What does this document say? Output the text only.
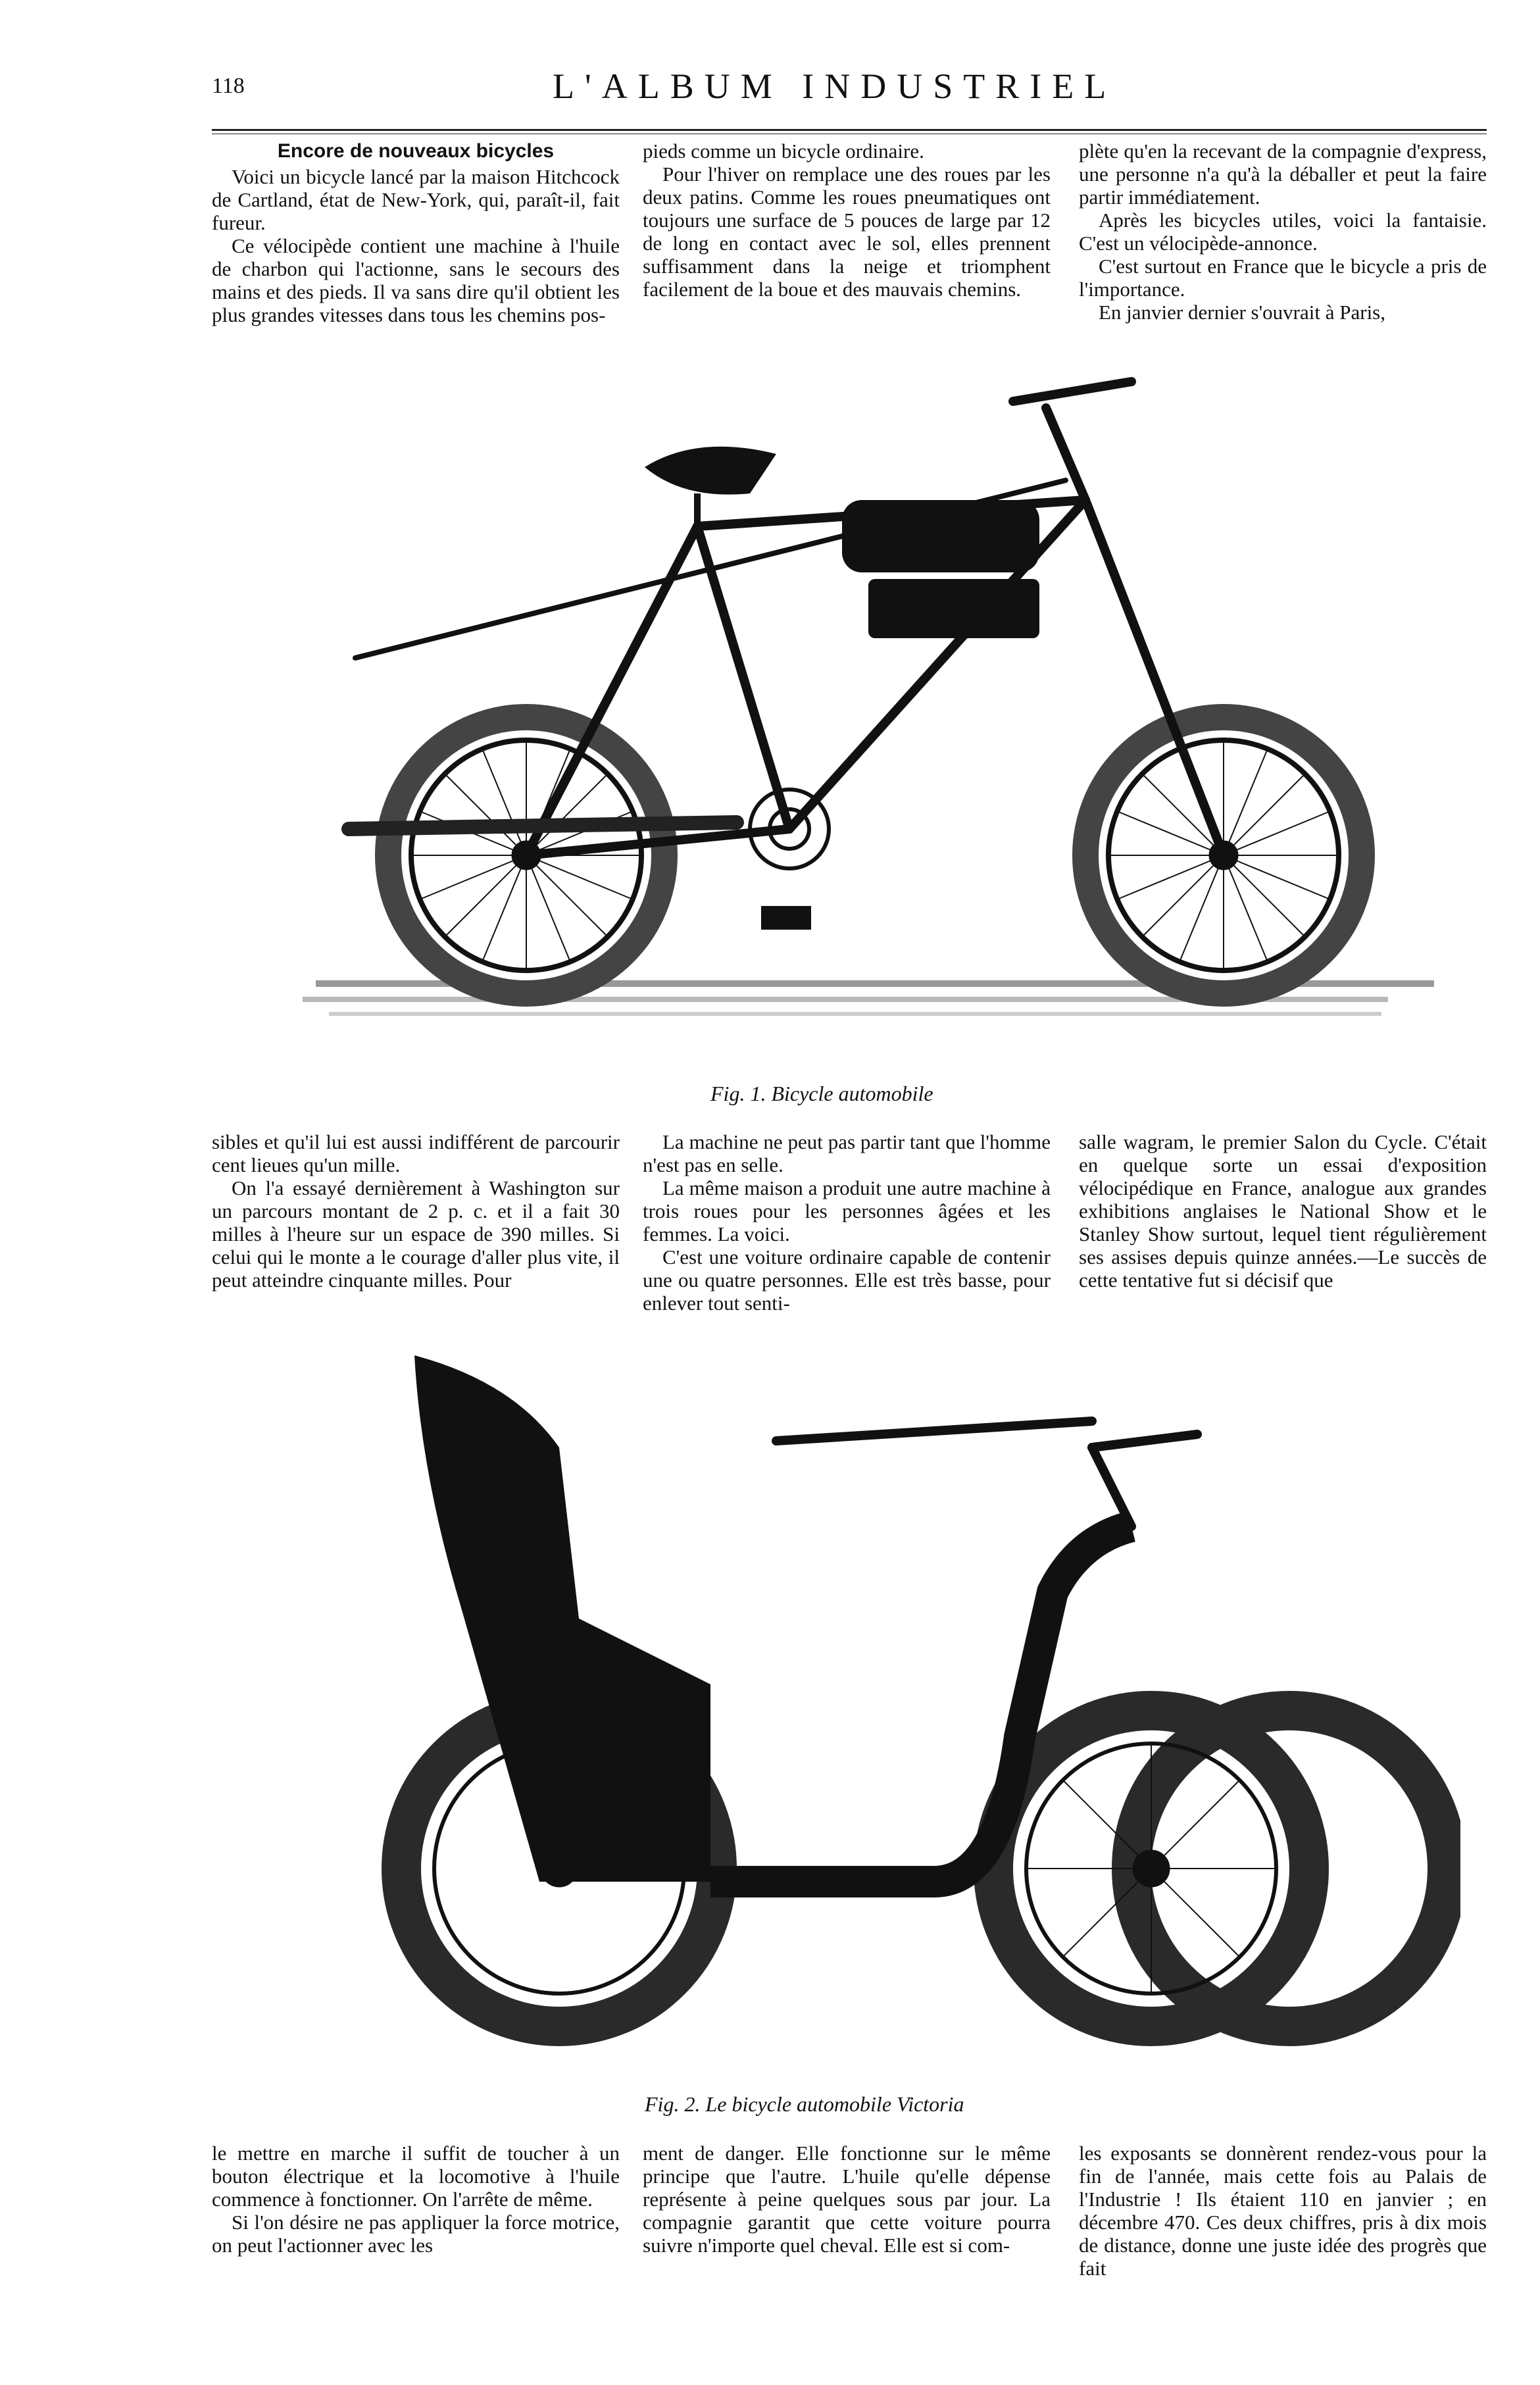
118	L'ALBUM INDUSTRIEL
Encore de nouveaux bicycles

Voici un bicycle lancé par la maison Hitchcock de Cartland, état de New-York, qui, paraît-il, fait fureur.

Ce vélocipède contient une machine à l'huile de charbon qui l'actionne, sans le secours des mains et des pieds. Il va sans dire qu'il obtient les plus grandes vitesses dans tous les chemins pos-

pieds comme un bicycle ordinaire.

Pour l'hiver on remplace une des roues par les deux patins. Comme les roues pneumatiques ont toujours une surface de 5 pouces de large par 12 de long en contact avec le sol, elles prennent suffisamment dans la neige et triomphent facilement de la boue et des mauvais chemins.

plète qu'en la recevant de la compagnie d'express, une personne n'a qu'à la déballer et peut la faire partir immédiatement.

Après les bicycles utiles, voici la fantaisie. C'est un vélocipède-annonce.

C'est surtout en France que le bicycle a pris de l'importance.

En janvier dernier s'ouvrait à Paris,

Fig. 1. Bicycle automobile

sibles et qu'il lui est aussi indifférent de parcourir cent lieues qu'un mille.

On l'a essayé dernièrement à Washington sur un parcours montant de 2 p. c. et il a fait 30 milles à l'heure sur un espace de 390 milles. Si celui qui le monte a le courage d'aller plus vite, il peut atteindre cinquante milles. Pour

La machine ne peut pas partir tant que l'homme n'est pas en selle.

La même maison a produit une autre machine à trois roues pour les personnes âgées et les femmes. La voici.

C'est une voiture ordinaire capable de contenir une ou quatre personnes. Elle est très basse, pour enlever tout senti-

salle wagram, le premier Salon du Cycle. C'était en quelque sorte un essai d'exposition vélocipédique en France, analogue aux grandes exhibitions anglaises le National Show et le Stanley Show surtout, lequel tient régulièrement ses assises depuis quinze années.—Le succès de cette tentative fut si décisif que

Fig. 2. Le bicycle automobile Victoria

le mettre en marche il suffit de toucher à un bouton électrique et la locomotive à l'huile commence à fonctionner. On l'arrête de même.

Si l'on désire ne pas appliquer la force motrice, on peut l'actionner avec les

ment de danger. Elle fonctionne sur le même principe que l'autre. L'huile qu'elle dépense représente à peine quelques sous par jour. La compagnie garantit que cette voiture pourra suivre n'importe quel cheval. Elle est si com-

les exposants se donnèrent rendez-vous pour la fin de l'année, mais cette fois au Palais de l'Industrie ! Ils étaient 110 en janvier ; en décembre 470. Ces deux chiffres, pris à dix mois de distance, donne une juste idée des progrès que fait
